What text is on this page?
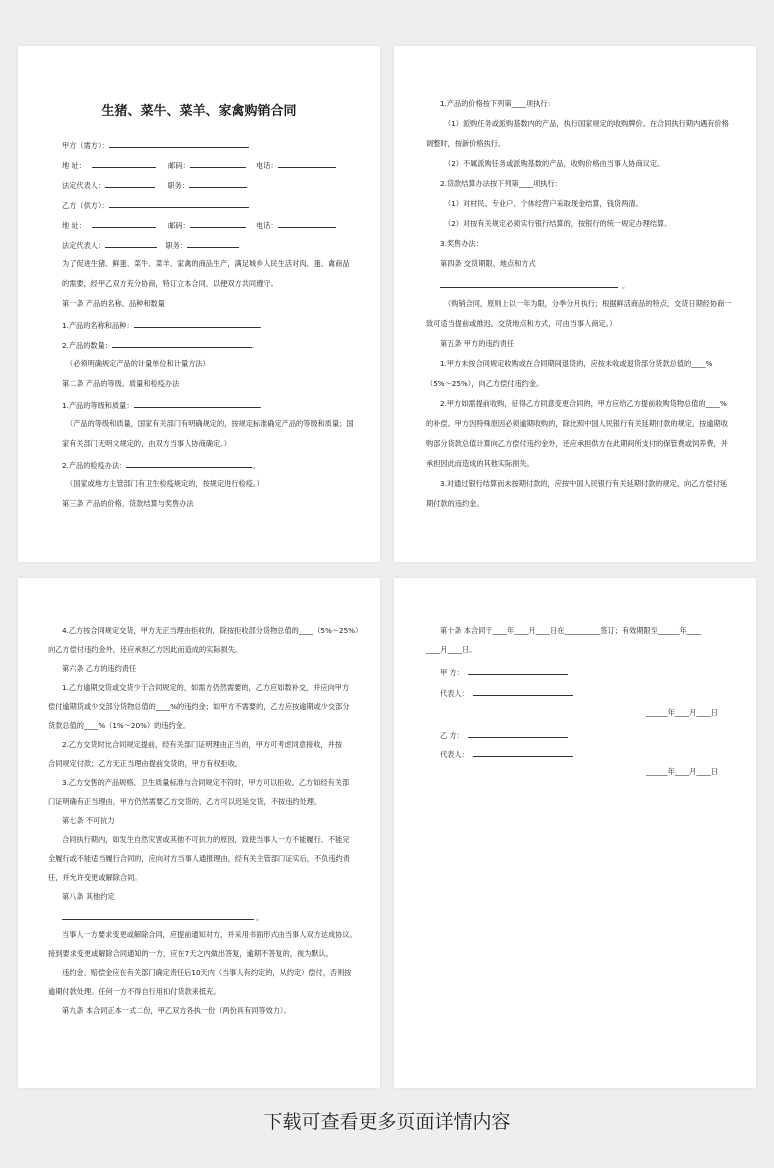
生猪、菜牛、菜羊、家禽购销合同
甲方（需方）：
地 址：	邮码：	电话：
法定代表人：	职务：
乙方（供方）：
地 址：	邮码：	电话：
法定代表人：	职务：
为了促进生猪、鲜蛋、菜牛、菜羊、家禽的商品生产，满足城乡人民生活对肉、蛋、禽商品
的需要，经甲乙双方充分协商，特订立本合同，以便双方共同遵守。
第一条 产品的名称、品种和数量
1.产品的名称和品种：	.
2.产品的数量：	.
（必须明确规定产品的计量单位和计量方法）
第二条 产品的等级、质量和检疫办法
1.产品的等级和质量：	.
（产品的等级和质量，国家有关部门有明确规定的，按规定标准确定产品的等级和质量；国
家有关部门无明文规定的，由双方当事人协商确定。）
2.产品的检疫办法：	。
（国家或地方主管部门有卫生检疫规定的，按规定进行检疫。）
第三条 产品的价格、货款结算与奖售办法
1.产品的价格按下列第____项执行：
（1）派购任务或派购基数内的产品，执行国家规定的收购牌价。在合同执行期内遇有价格
调整时，按新价格执行。
（2）不属派购任务或派购基数的产品，收购价格由当事人协商议定。
2.货款结算办法按下列第____项执行：
（1）对村民、专业户、个体经营户采取现金结算，钱货两清。
（2）对按有关规定必须实行银行结算的，按银行的统一规定办理结算。
3.奖售办法：
第四条 交货期限、地点和方式
。
（购销合同，原则上以一年为限，分季分月执行；根据鲜活商品的特点，交货日期经协商一
致可适当提前或推迟。交货地点和方式，可由当事人商定。）
第五条 甲方的违约责任
1.甲方未按合同规定收购或在合同期间退货的，应按未收或退货部分货款总值的____%
（5%～25%），向乙方偿付违约金。
2.甲方如需提前收购，征得乙方同意变更合同的，甲方应给乙方提前收购货物总值的____%
的补偿。甲方因特殊原因必须逾期收购的，除比照中国人民银行有关延期付款的规定，按逾期收
购部分货款总值计算向乙方偿付违约金外，还应承担供方在此期间所支付的保管费或饲养费，并
承担因此而造成的其他实际损失。
3.对通过银行结算而未按期付款的，应按中国人民银行有关延期付款的规定，向乙方偿付延
期付款的违约金。
4.乙方按合同规定交货，甲方无正当理由拒收的，除按拒收部分货物总值的____（5%～25%）
向乙方偿付违约金外，还应承担乙方因此而造成的实际损失。
第六条 乙方的违约责任
1.乙方逾期交货或交货少于合同规定的，如需方仍然需要的，乙方应如数补交，并应向甲方
偿付逾期货或少交部分货物总值的____%的违约金；如甲方不需要的，乙方应按逾期或少交部分
货款总值的____%（1%～20%）的违约金。
2.乙方交货时比合同规定提前，经有关部门证明理由正当的，甲方可考虑同意接收，并按
合同规定付款；乙方无正当理由提前交货的，甲方有权拒收。
3.乙方交售的产品规格、卫生质量标准与合同规定不符时，甲方可以拒收。乙方如经有关部
门证明确有正当理由，甲方仍然需要乙方交货的，乙方可以迟延交货，不按违约处理。
第七条 不可抗力
合同执行期内，如发生自然灾害或其他不可抗力的原因，致使当事人一方不能履行、不能完
全履行或不能适当履行合同的，应向对方当事人通报理由，经有关主管部门证实后，不负违约责
任，并允许变更或解除合同。
第八条 其他约定
。
当事人一方要求变更或解除合同，应提前通知对方，并采用书面形式由当事人双方达成协议。
接到要求变更或解除合同通知的一方，应在7天之内做出答复，逾期不答复的，视为默认。
违约金、赔偿金应在有关部门确定责任后10天内（当事人有约定的，从约定）偿付，否则按
逾期付款处理。任何一方不得自行用扣付货款来抵充。
第九条 本合同正本一式二份，甲乙双方各执一份（两份具有同等效力）。
第十条 本合同于____年____月____日在__________签订；有效期限至______年____
____月____日。
甲 方：
代表人：
______年____月____日
乙 方：
代表人：
______年____月____日
下载可查看更多页面详情内容
